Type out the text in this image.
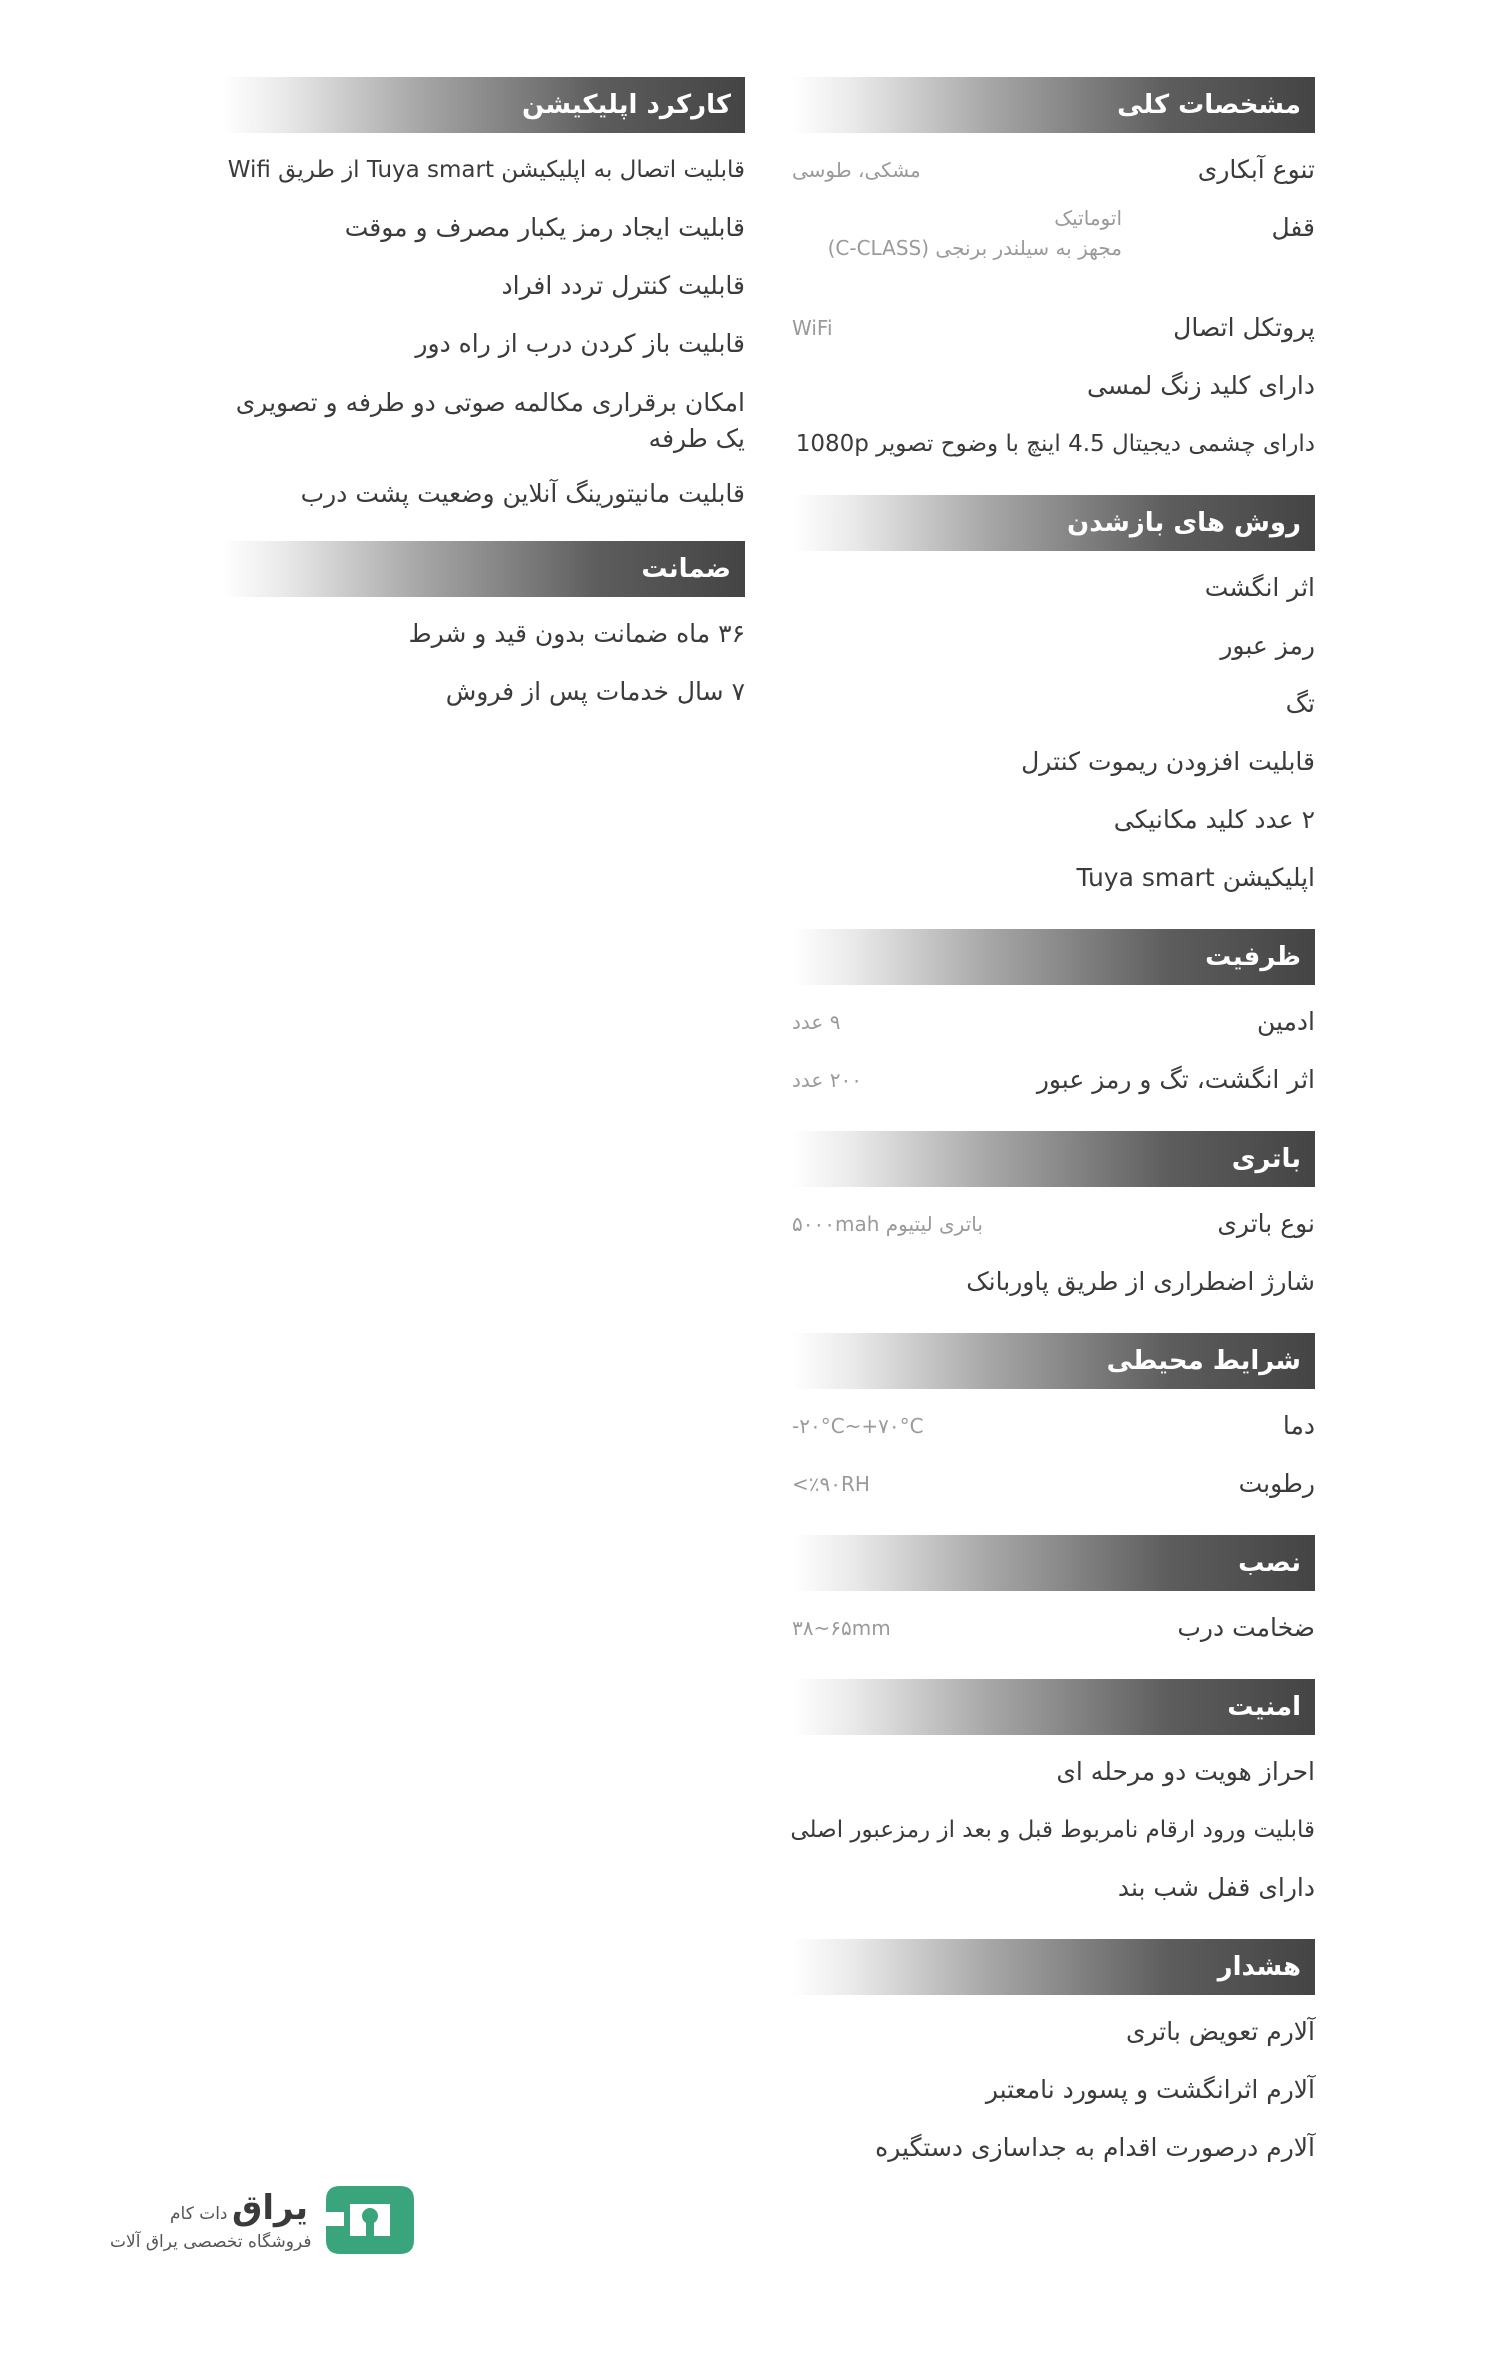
مشخصات کلی
تنوع آبکاری
مشکی، طوسی
قفل
اتوماتیک
مجهز به سیلندر برنجی (C-CLASS)
پروتکل اتصال
WiFi
دارای کلید زنگ لمسی
دارای چشمی دیجیتال 4.5 اینچ با وضوح تصویر 1080p
روش های بازشدن
اثر انگشت
رمز عبور
تگ
قابلیت افزودن ریموت کنترل
۲ عدد کلید مکانیکی
اپلیکیشن Tuya smart
ظرفیت
ادمین
۹ عدد
اثر انگشت، تگ و رمز عبور
۲۰۰ عدد
باتری
نوع باتری
باتری لیتیوم ۵۰۰۰mah
شارژ اضطراری از طریق پاوربانک
شرایط محیطی
دما
-۲۰°C~+۷۰°C
رطوبت
<٪۹۰RH
نصب
ضخامت درب
۳۸~۶۵mm
امنیت
احراز هویت دو مرحله ای
قابلیت ورود ارقام نامربوط قبل و بعد از رمزعبور اصلی
دارای قفل شب بند
هشدار
آلارم تعویض باتری
آلارم اثرانگشت و پسورد نامعتبر
آلارم درصورت اقدام به جداسازی دستگیره
کارکرد اپلیکیشن
قابلیت اتصال به اپلیکیشن Tuya smart از طریق Wifi
قابلیت ایجاد رمز یکبار مصرف و موقت
قابلیت کنترل تردد افراد
قابلیت باز کردن درب از راه دور
امکان برقراری مکالمه صوتی دو طرفه و تصویری یک طرفه
قابلیت مانیتورینگ آنلاین وضعیت پشت درب
ضمانت
۳۶ ماه ضمانت بدون قید و شرط
۷ سال خدمات پس از فروش
یراق
دات کام
فروشگاه تخصصی یراق آلات
